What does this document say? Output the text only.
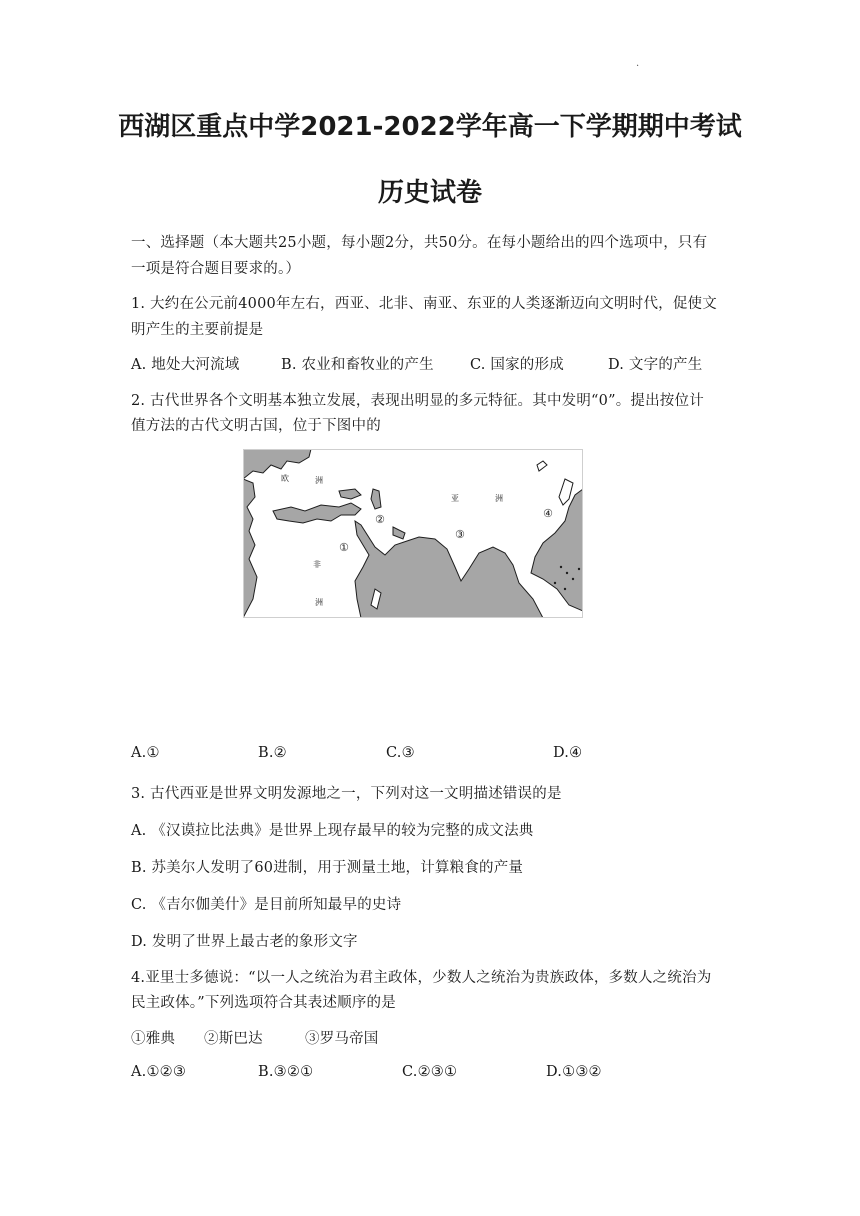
.
西湖区重点中学2021-2022学年高一下学期期中考试
历史试卷
一、选择题（本大题共25小题，每小题2分，共50分。在每小题给出的四个选项中，只有
一项是符合题目要求的。）
1. 大约在公元前4000年左右，西亚、北非、南亚、东亚的人类逐渐迈向文明时代，促使文
明产生的主要前提是
A. 地处大河流域	B. 农业和畜牧业的产生 C. 国家的形成	D. 文字的产生
2. 古代世界各个文明基本独立发展，表现出明显的多元特征。其中发明“0”。提出按位计
值方法的古代文明古国，位于下图中的
欧	洲
亚	洲
非
洲
①
②
③
④
A.①	B.②	C.③	D.④
3. 古代西亚是世界文明发源地之一，下列对这一文明描述错误的是
A. 《汉谟拉比法典》是世界上现存最早的较为完整的成文法典
B. 苏美尔人发明了60进制，用于测量土地，计算粮食的产量
C. 《吉尔伽美什》是目前所知最早的史诗
D. 发明了世界上最古老的象形文字
4.亚里士多德说：“以一人之统治为君主政体，少数人之统治为贵族政体，多数人之统治为
民主政体。”下列选项符合其表述顺序的是
①雅典 ②斯巴达	③罗马帝国
A.①②③	B.③②①	C.②③①	D.①③②
